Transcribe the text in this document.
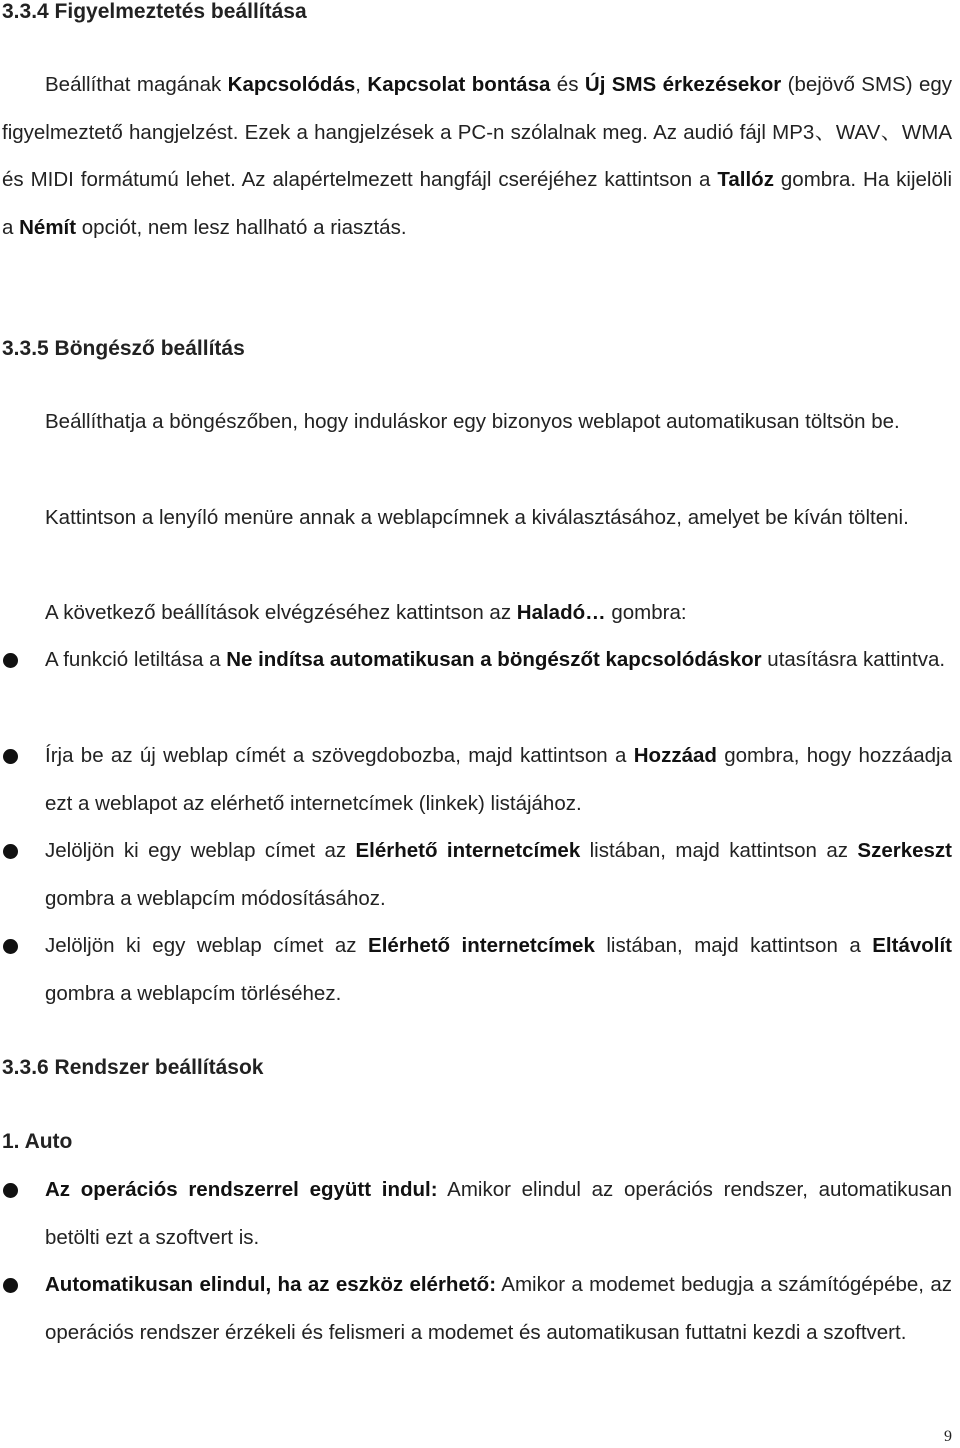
3.3.4 Figyelmeztetés beállítása

Beállíthat magának Kapcsolódás, Kapcsolat bontása és Új SMS érkezésekor (bejövő SMS) egy figyelmeztető hangjelzést. Ezek a hangjelzések a PC-n szólalnak meg. Az audió fájl MP3、WAV、WMA és MIDI formátumú lehet. Az alapértelmezett hangfájl cseréjéhez kattintson a Tallóz gombra. Ha kijelöli a Némít opciót, nem lesz hallható a riasztás.

3.3.5 Böngésző beállítás

Beállíthatja a böngészőben, hogy induláskor egy bizonyos weblapot automatikusan töltsön be.

Kattintson a lenyíló menüre annak a weblapcímnek a kiválasztásához, amelyet be kíván tölteni.

A következő beállítások elvégzéséhez kattintson az Haladó… gombra:

A funkció letiltása a Ne indítsa automatikusan a böngészőt kapcsolódáskor utasításra kattintva.
Írja be az új weblap címét a szövegdobozba, majd kattintson a Hozzáad gombra, hogy hozzáadja ezt a weblapot az elérhető internetcímek (linkek) listájához.
Jelöljön ki egy weblap címet az Elérhető internetcímek listában, majd kattintson az Szerkeszt gombra a weblapcím módosításához.
Jelöljön ki egy weblap címet az Elérhető internetcímek listában, majd kattintson a Eltávolít gombra a weblapcím törléséhez.
3.3.6 Rendszer beállítások
1. Auto
Az operációs rendszerrel együtt indul: Amikor elindul az operációs rendszer, automatikusan betölti ezt a szoftvert is.
Automatikusan elindul, ha az eszköz elérhető: Amikor a modemet bedugja a számítógépébe, az operációs rendszer érzékeli és felismeri a modemet és automatikusan futtatni kezdi a szoftvert.
9
